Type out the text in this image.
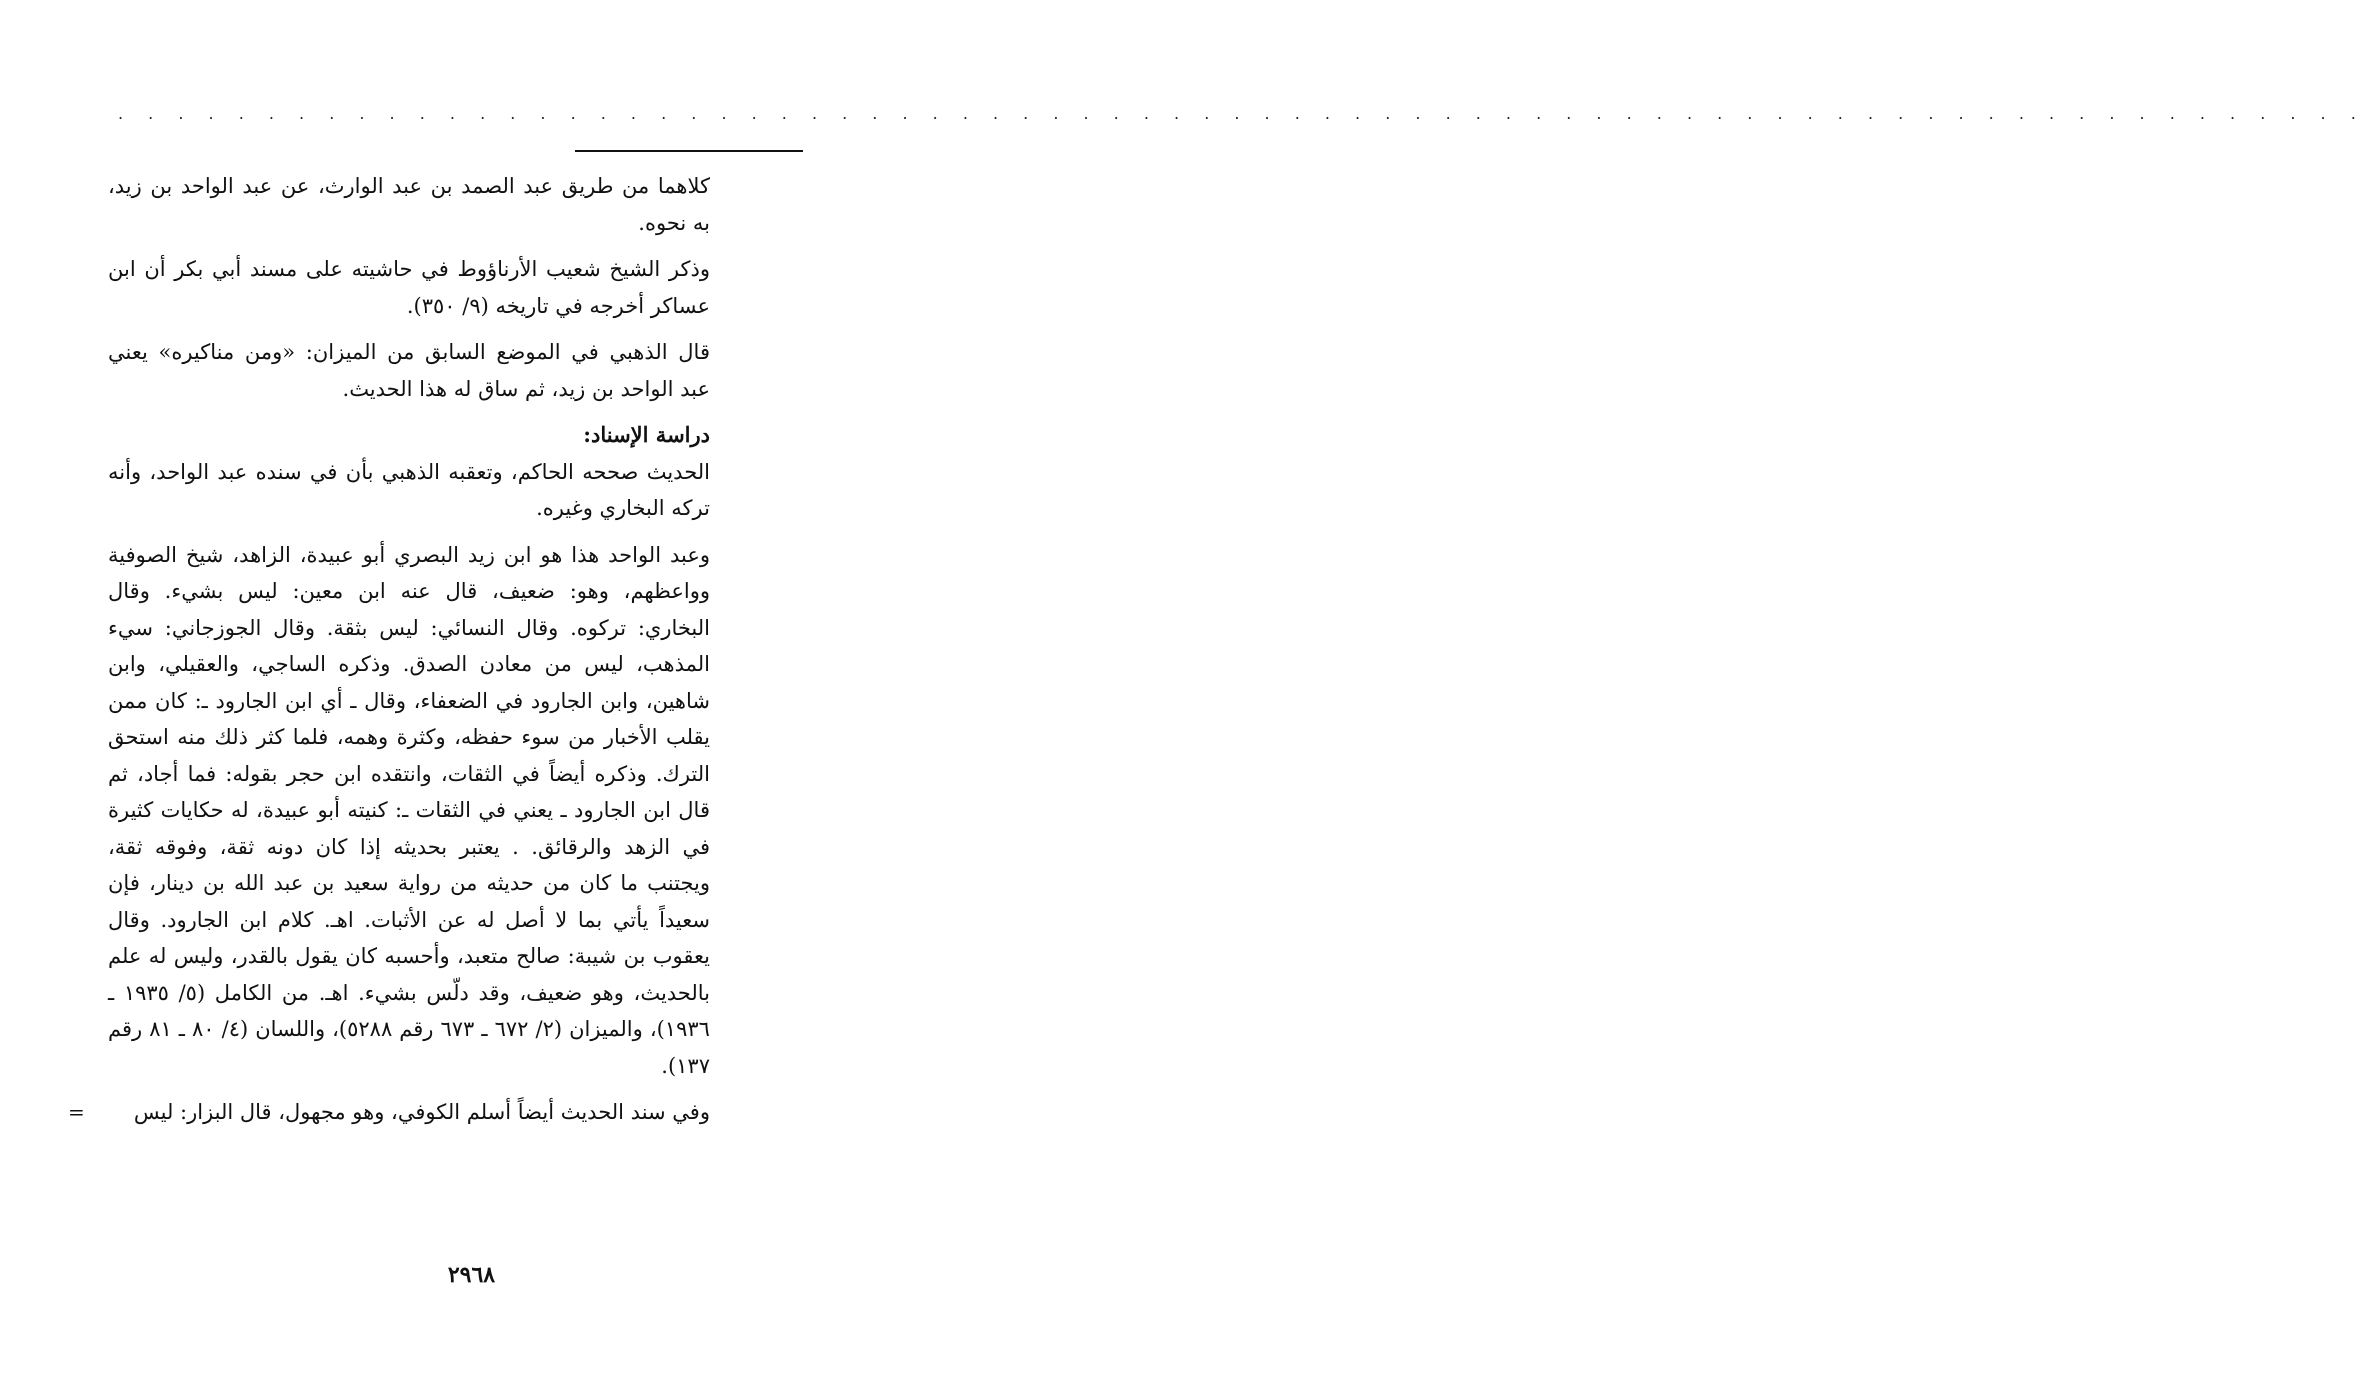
. . . . . . . . . . . . . . . . . . . . . . . . . . . . . . . . . . . . . . . . . . . . . . . . . . . . . . . . . . . . . . . . . . . . . . . . . . .

كلاهما من طريق عبد الصمد بن عبد الوارث، عن عبد الواحد بن زيد، به نحوه.

وذكر الشيخ شعيب الأرناؤوط في حاشيته على مسند أبي بكر أن ابن عساكر أخرجه في تاريخه (٩/ ٣٥٠).

قال الذهبي في الموضع السابق من الميزان: «ومن مناكيره» يعني عبد الواحد بن زيد، ثم ساق له هذا الحديث.

دراسة الإسناد:

الحديث صححه الحاكم، وتعقبه الذهبي بأن في سنده عبد الواحد، وأنه تركه البخاري وغيره.

وعبد الواحد هذا هو ابن زيد البصري أبو عبيدة، الزاهد، شيخ الصوفية وواعظهم، وهو: ضعيف، قال عنه ابن معين: ليس بشيء. وقال البخاري: تركوه. وقال النسائي: ليس بثقة. وقال الجوزجاني: سيء المذهب، ليس من معادن الصدق. وذكره الساجي، والعقيلي، وابن شاهين، وابن الجارود في الضعفاء، وقال ـ أي ابن الجارود ـ: كان ممن يقلب الأخبار من سوء حفظه، وكثرة وهمه، فلما كثر ذلك منه استحق الترك. وذكره أيضاً في الثقات، وانتقده ابن حجر بقوله: فما أجاد، ثم قال ابن الجارود ـ يعني في الثقات ـ: كنيته أبو عبيدة، له حكايات كثيرة في الزهد والرقائق. . يعتبر بحديثه إذا كان دونه ثقة، وفوقه ثقة، ويجتنب ما كان من حديثه من رواية سعيد بن عبد الله بن دينار، فإن سعيداً يأتي بما لا أصل له عن الأثبات. اهـ. كلام ابن الجارود. وقال يعقوب بن شيبة: صالح متعبد، وأحسبه كان يقول بالقدر، وليس له علم بالحديث، وهو ضعيف، وقد دلّس بشيء. اهـ. من الكامل (٥/ ١٩٣٥ ـ ١٩٣٦)، والميزان (٢/ ٦٧٢ ـ ٦٧٣ رقم ٥٢٨٨)، واللسان (٤/ ٨٠ ـ ٨١ رقم ١٣٧).

وفي سند الحديث أيضاً أسلم الكوفي، وهو مجهول، قال البزار: ليس
=

٢٩٦٨
